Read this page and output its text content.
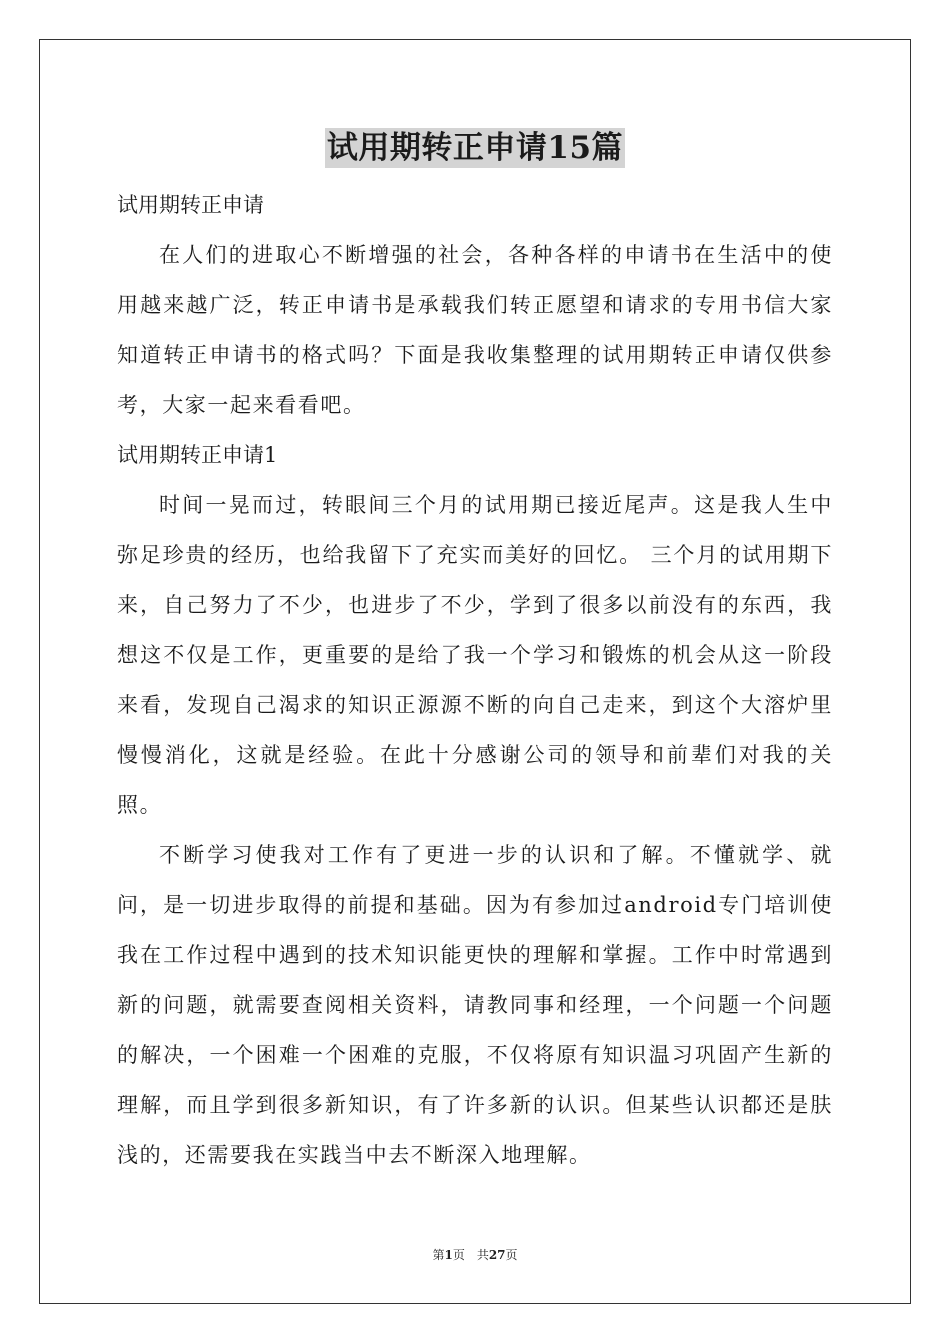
试用期转正申请15篇

试用期转正申请

在人们的进取心不断增强的社会，各种各样的申请书在生活中的使用越来越广泛，转正申请书是承载我们转正愿望和请求的专用书信大家知道转正申请书的格式吗？下面是我收集整理的试用期转正申请仅供参考，大家一起来看看吧。

试用期转正申请1

时间一晃而过，转眼间三个月的试用期已接近尾声。这是我人生中弥足珍贵的经历，也给我留下了充实而美好的回忆。 三个月的试用期下来，自己努力了不少，也进步了不少，学到了很多以前没有的东西，我想这不仅是工作，更重要的是给了我一个学习和锻炼的机会从这一阶段来看，发现自己渴求的知识正源源不断的向自己走来，到这个大溶炉里慢慢消化，这就是经验。在此十分感谢公司的领导和前辈们对我的关照。

不断学习使我对工作有了更进一步的认识和了解。不懂就学、就问，是一切进步取得的前提和基础。因为有参加过android专门培训使我在工作过程中遇到的技术知识能更快的理解和掌握。工作中时常遇到新的问题，就需要查阅相关资料，请教同事和经理，一个问题一个问题的解决，一个困难一个困难的克服，不仅将原有知识温习巩固产生新的理解，而且学到很多新知识，有了许多新的认识。但某些认识都还是肤浅的，还需要我在实践当中去不断深入地理解。

第1页　共27页
